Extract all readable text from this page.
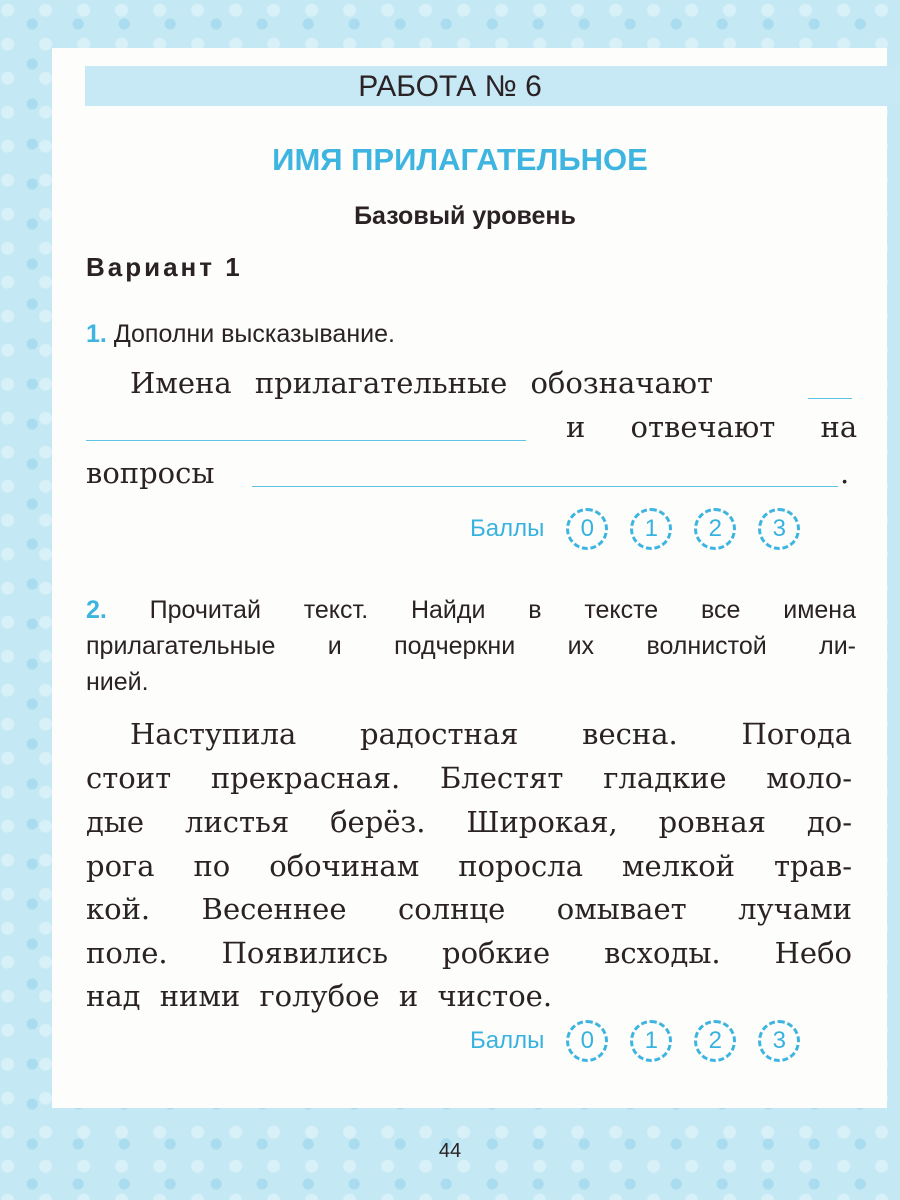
РАБОТА № 6
ИМЯ ПРИЛАГАТЕЛЬНОЕ
Базовый уровень
Вариант 1
1. Дополни высказывание.
Имена прилагательные обозначают
и отвечают на
вопросы	.
Баллы	0	1	2	3
2. Прочитай текст. Найди в тексте все имена
прилагательные и подчеркни их волнистой ли-
нией.
Наступила радостная весна. Погода
стоит прекрасная. Блестят гладкие моло-
дые листья берёз. Широкая, ровная до-
рога по обочинам поросла мелкой трав-
кой. Весеннее солнце омывает лучами
поле. Появились робкие всходы. Небо
над ними голубое и чистое.
Баллы	0	1	2	3
44
